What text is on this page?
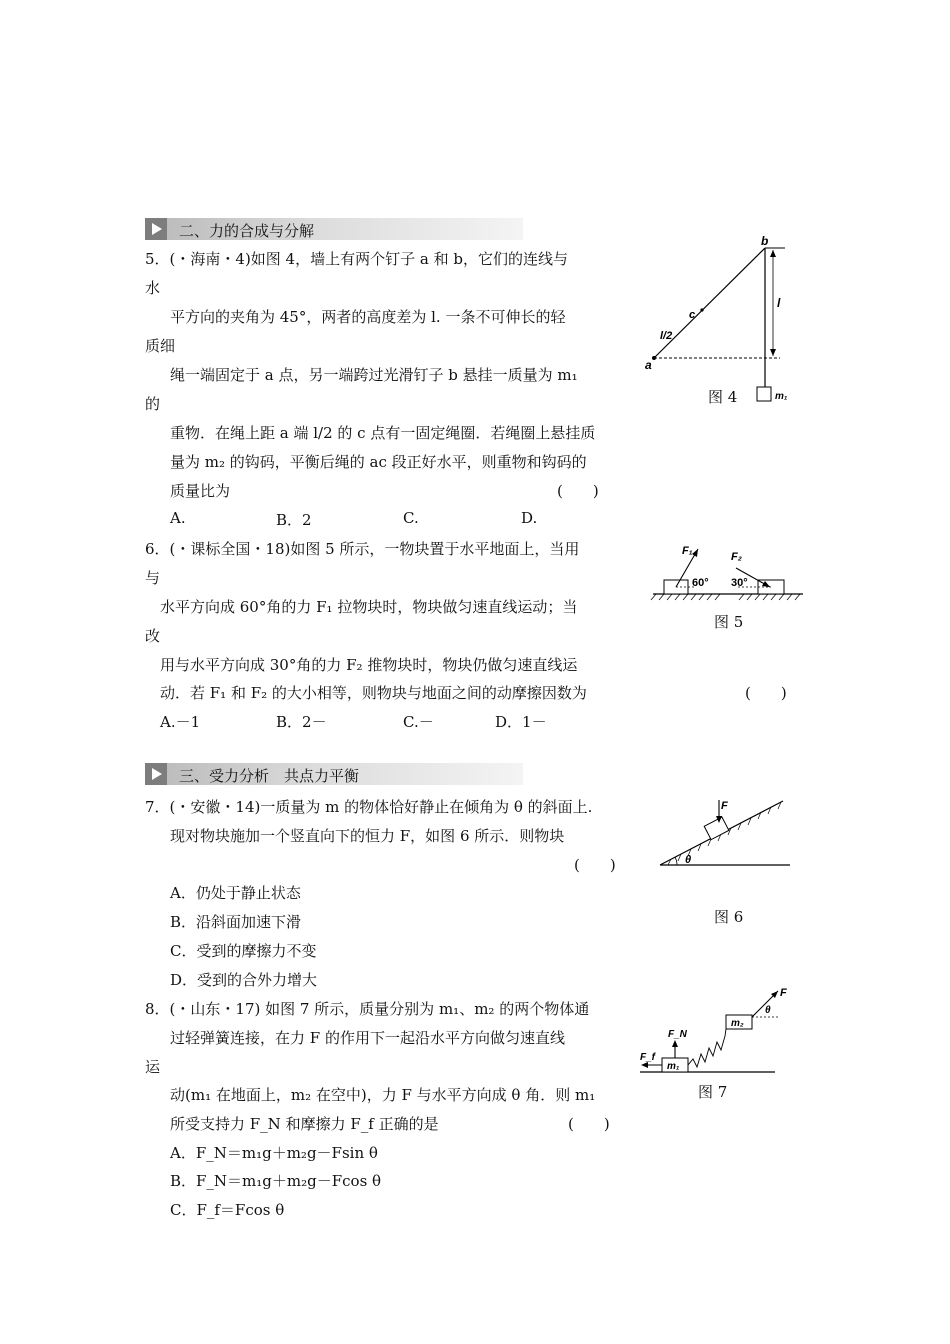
二、力的合成与分解
5．(・海南・4)如图 4，墙上有两个钉子 a 和 b，它们的连线与
水
平方向的夹角为 45°，两者的高度差为 l. 一条不可伸长的轻
质细
绳一端固定于 a 点，另一端跨过光滑钉子 b 悬挂一质量为 m₁
的
重物．在绳上距 a 端 l/2 的 c 点有一固定绳圈．若绳圈上悬挂质
量为 m₂ 的钩码，平衡后绳的 ac 段正好水平，则重物和钩码的
质量比为	(　　)
A.	B．2	C.	D.
b
a
c
l
l/2
m₁
图 4
6．(・课标全国・18)如图 5 所示，一物块置于水平地面上，当用
与
水平方向成 60°角的力 F₁ 拉物块时，物块做匀速直线运动；当
改
用与水平方向成 30°角的力 F₂ 推物块时，物块仍做匀速直线运
动．若 F₁ 和 F₂ 的大小相等，则物块与地面之间的动摩擦因数为	(　　)
A.－1	B．2－	C.－	D．1－
F₁	F₂
60° 30°
图 5
三、受力分析　共点力平衡
7．(・安徽・14)一质量为 m 的物体恰好静止在倾角为 θ 的斜面上.
现对物块施加一个竖直向下的恒力 F，如图 6 所示．则物块
(　　)
A．仍处于静止状态
B．沿斜面加速下滑
C．受到的摩擦力不变
D．受到的合外力增大
F
θ
图 6
8．(・山东・17) 如图 7 所示，质量分别为 m₁、m₂ 的两个物体通
过轻弹簧连接，在力 F 的作用下一起沿水平方向做匀速直线
运
动(m₁ 在地面上，m₂ 在空中)，力 F 与水平方向成 θ 角．则 m₁
所受支持力 F_N 和摩擦力 F_f 正确的是	(　　)
A．F_N＝m₁g＋m₂g－Fsin θ
B．F_N＝m₁g＋m₂g－Fcos θ
C．F_f＝Fcos θ
F
F_N
F_f
m₁
m₂
θ
图 7
